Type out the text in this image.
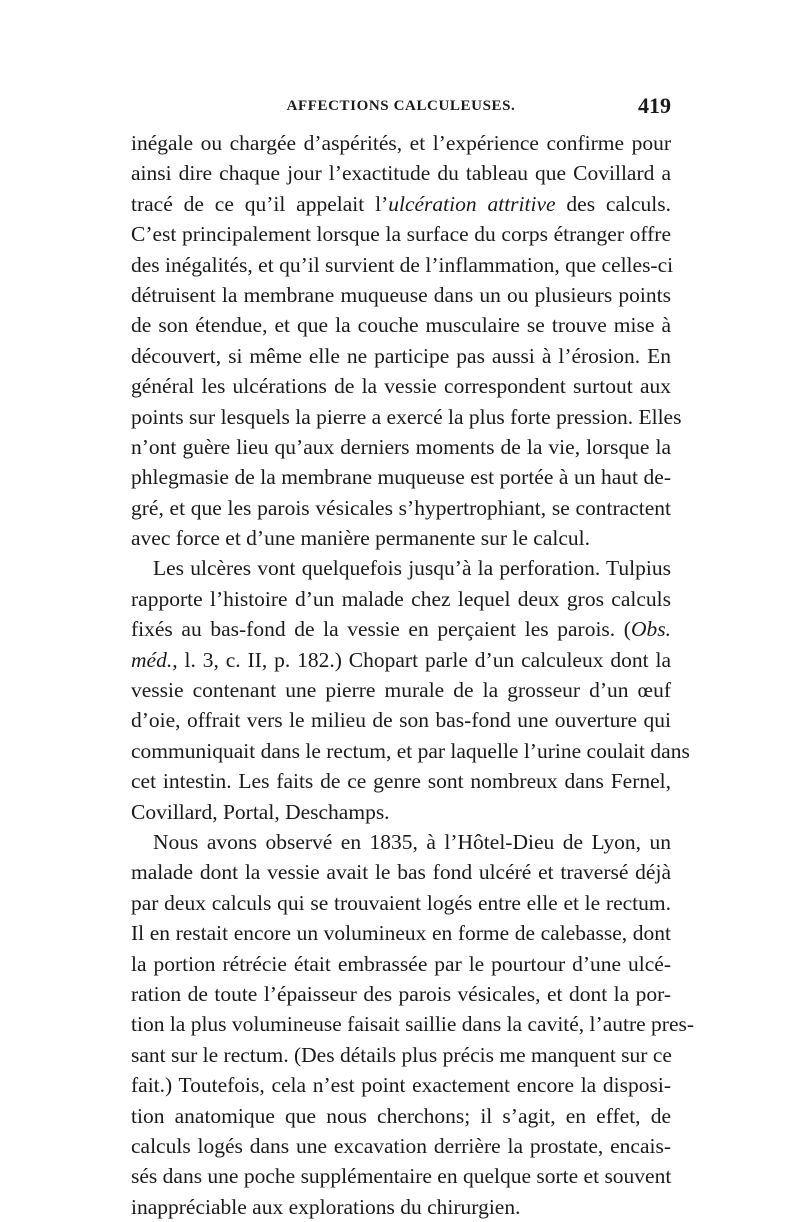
AFFECTIONS CALCULEUSES.	419
inégale ou chargée d’aspérités, et l’expérience confirme pour
ainsi dire chaque jour l’exactitude du tableau que Covillard a
tracé de ce qu’il appelait l’ulcération attritive des calculs.
C’est principalement lorsque la surface du corps étranger offre
des inégalités, et qu’il survient de l’inflammation, que celles-ci
détruisent la membrane muqueuse dans un ou plusieurs points
de son étendue, et que la couche musculaire se trouve mise à
découvert, si même elle ne participe pas aussi à l’érosion. En
général les ulcérations de la vessie correspondent surtout aux
points sur lesquels la pierre a exercé la plus forte pression. Elles
n’ont guère lieu qu’aux derniers moments de la vie, lorsque la
phlegmasie de la membrane muqueuse est portée à un haut de-
gré, et que les parois vésicales s’hypertrophiant, se contractent
avec force et d’une manière permanente sur le calcul.
Les ulcères vont quelquefois jusqu’à la perforation. Tulpius
rapporte l’histoire d’un malade chez lequel deux gros calculs
fixés au bas-fond de la vessie en perçaient les parois. (Obs.
méd., l. 3, c. II, p. 182.) Chopart parle d’un calculeux dont la
vessie contenant une pierre murale de la grosseur d’un œuf
d’oie, offrait vers le milieu de son bas-fond une ouverture qui
communiquait dans le rectum, et par laquelle l’urine coulait dans
cet intestin. Les faits de ce genre sont nombreux dans Fernel,
Covillard, Portal, Deschamps.
Nous avons observé en 1835, à l’Hôtel-Dieu de Lyon, un
malade dont la vessie avait le bas fond ulcéré et traversé déjà
par deux calculs qui se trouvaient logés entre elle et le rectum.
Il en restait encore un volumineux en forme de calebasse, dont
la portion rétrécie était embrassée par le pourtour d’une ulcé-
ration de toute l’épaisseur des parois vésicales, et dont la por-
tion la plus volumineuse faisait saillie dans la cavité, l’autre pres-
sant sur le rectum. (Des détails plus précis me manquent sur ce
fait.) Toutefois, cela n’est point exactement encore la disposi-
tion anatomique que nous cherchons; il s’agit, en effet, de
calculs logés dans une excavation derrière la prostate, encais-
sés dans une poche supplémentaire en quelque sorte et souvent
inappréciable aux explorations du chirurgien.
